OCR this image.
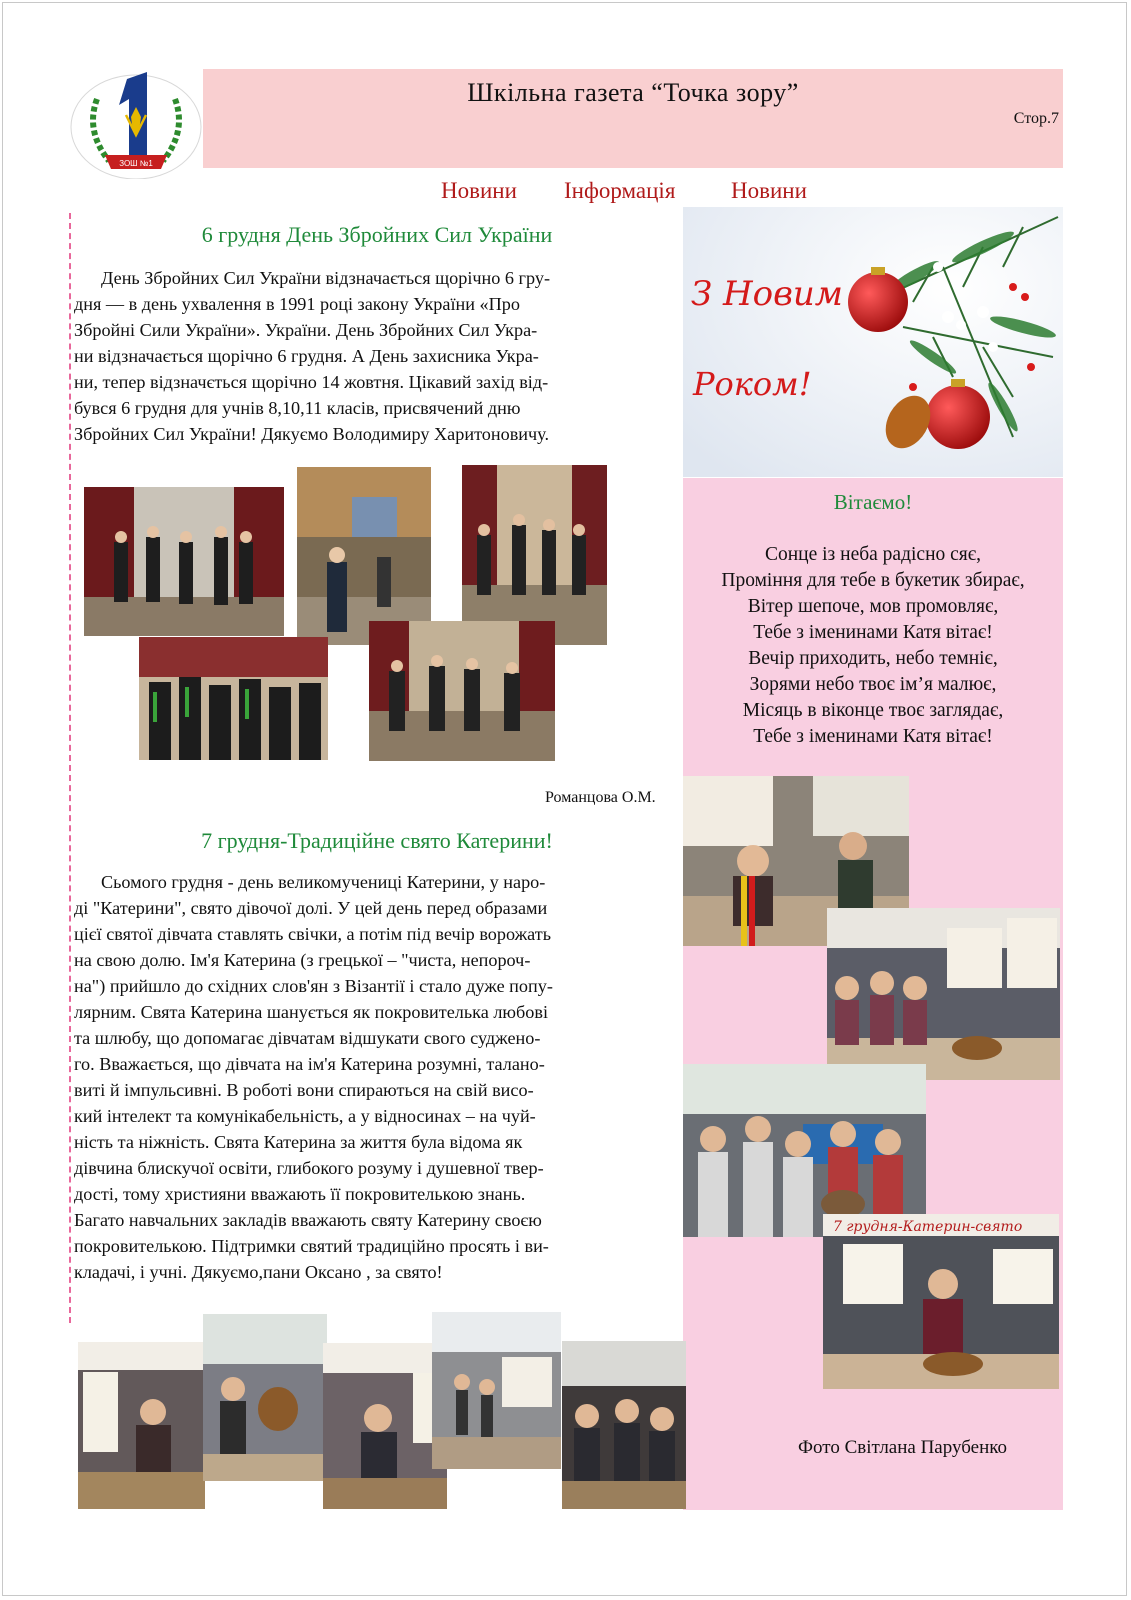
ЗОШ №1
Шкільна газета “Точка зору”
Стор.7
Новини Інформація Новини
З Новим
Роком!
6 грудня День Збройних Сил України

День Збройних Сил України відзначається щорічно 6 гру-

дня — в день ухвалення в 1991 році закону України «Про
Збройні Сили України». України. День Збройних Сил Укра-
ни відзначається щорічно 6 грудня. А День захисника Укра-
ни, тепер відзначється щорічно 14 жовтня. Цікавий захід від-
бувся 6 грудня для учнів 8,10,11 класів, присвячений дню
Збройних Сил України! Дякуємо Володимиру Харитоновичу.
Романцова О.М.
Вітаємо!
Сонце із неба радісно сяє,
Проміння для тебе в букетик збирає,
Вітер шепоче, мов промовляє,
Тебе з іменинами Катя вітає!
Вечір приходить, небо темніє,
Зорями небо твоє ім’я малює,
Місяць в віконце твоє заглядає,
Тебе з іменинами Катя вітає!
7 грудня-Традиційне свято Катерини!

Сьомого грудня - день великомучениці Катерини, у наро-

ді "Катерини", свято дівочої долі. У цей день перед образами
цієї святої дівчата ставлять свічки, а потім під вечір ворожать
на свою долю. Ім'я Катерина (з грецької – "чиста, непороч-
на") прийшло до східних слов'ян з Візантії і стало дуже попу-
лярним. Свята Катерина шанується як покровителька любові
та шлюбу, що допомагає дівчатам відшукати свого суджено-
го. Вважається, що дівчата на ім'я Катерина розумні, талано-
виті й імпульсивні. В роботі вони спираються на свій висо-
кий інтелект та комунікабельність, а у відносинах – на чуй-
ність та ніжність. Свята Катерина за життя була відома як
дівчина блискучої освіти, глибокого розуму і душевної твер-
дості, тому християни вважають її покровителькою знань.
Багато навчальних закладів вважають святу Катерину своєю
покровителькою. Підтримки святий традиційно просять і ви-
кладачі, і учні. Дякуємо,пани Оксано , за свято!
7 грудня-Катерин-свято
Фото Світлана Парубенко
